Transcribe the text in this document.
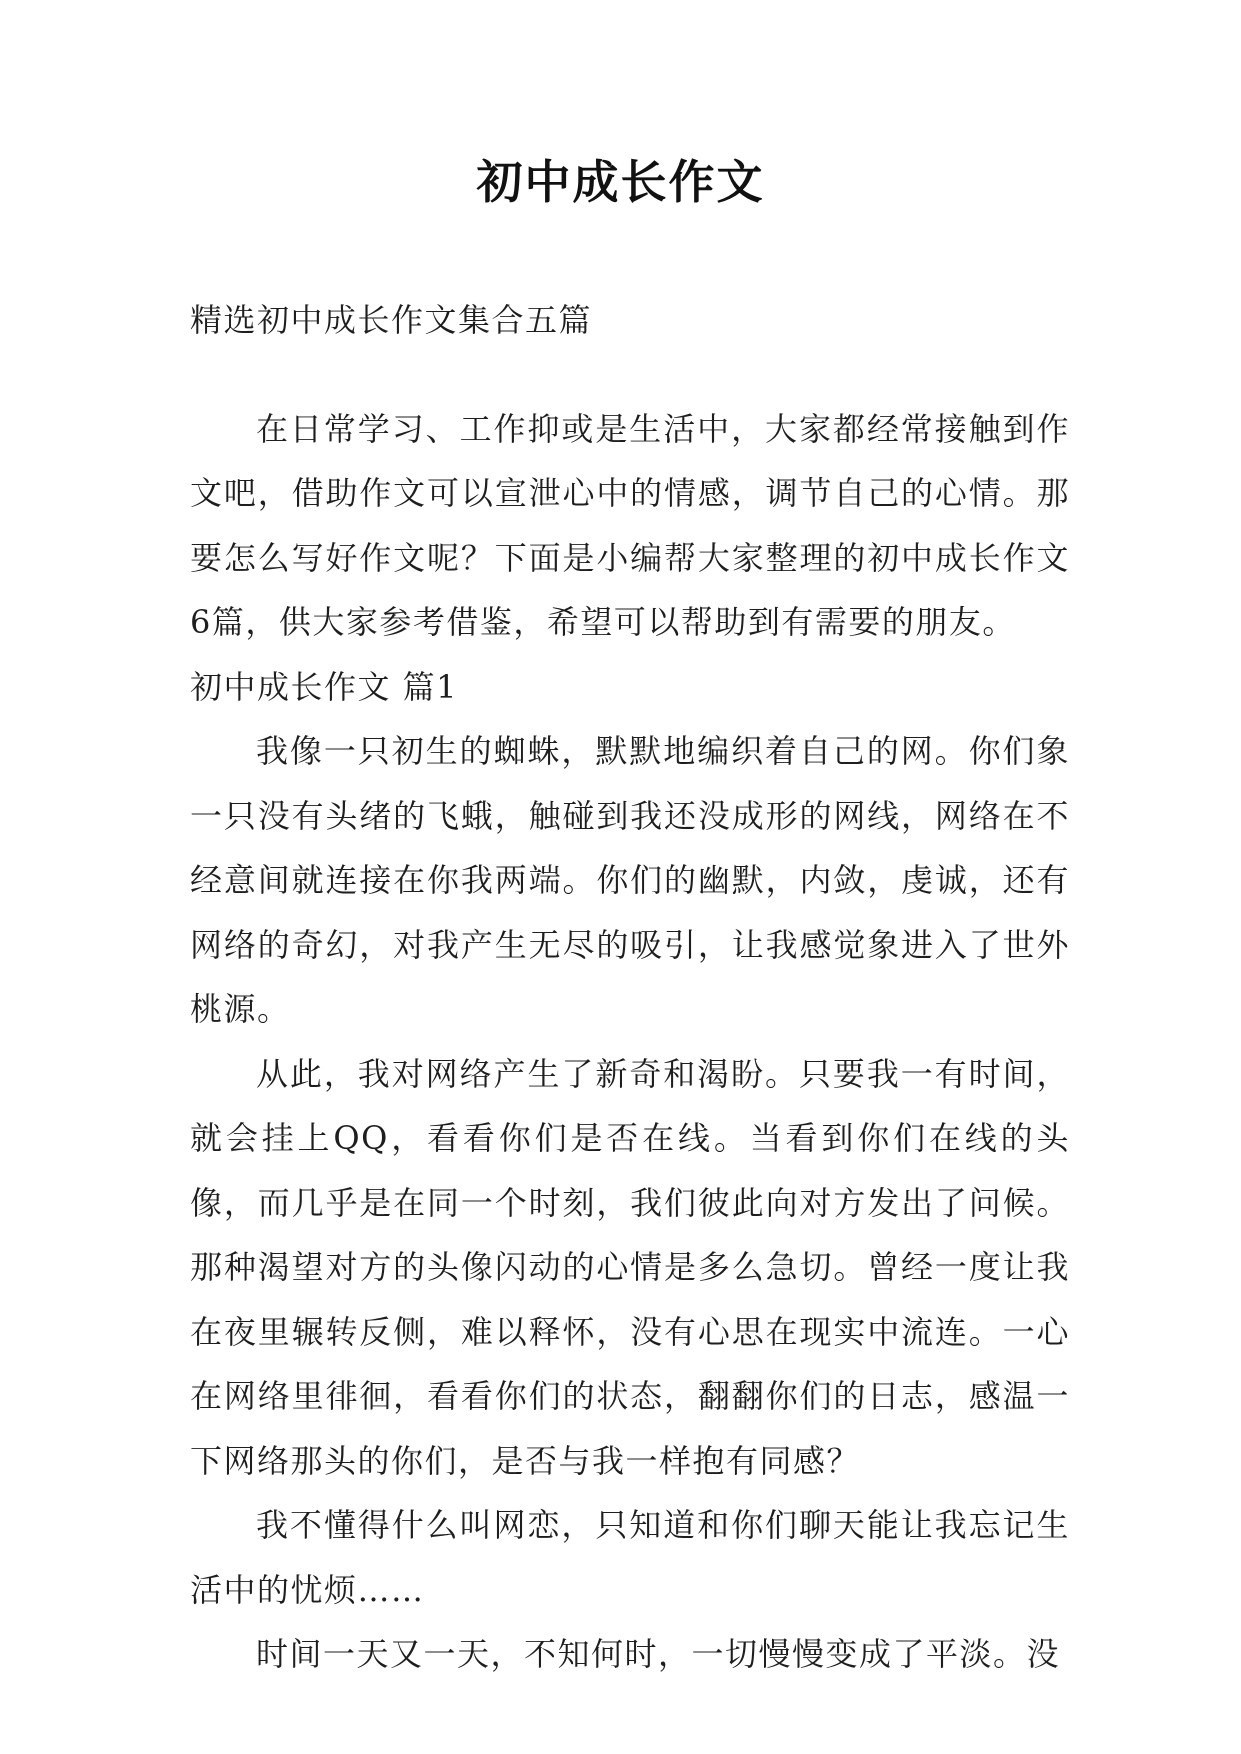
初中成长作文

精选初中成长作文集合五篇

在日常学习、工作抑或是生活中，大家都经常接触到作文吧，借助作文可以宣泄心中的情感，调节自己的心情。那要怎么写好作文呢？下面是小编帮大家整理的初中成长作文6篇，供大家参考借鉴，希望可以帮助到有需要的朋友。

初中成长作文 篇1

我像一只初生的蜘蛛，默默地编织着自己的网。你们象一只没有头绪的飞蛾，触碰到我还没成形的网线，网络在不经意间就连接在你我两端。你们的幽默，内敛，虔诚，还有网络的奇幻，对我产生无尽的吸引，让我感觉象进入了世外桃源。

从此，我对网络产生了新奇和渴盼。只要我一有时间，就会挂上QQ，看看你们是否在线。当看到你们在线的头像，而几乎是在同一个时刻，我们彼此向对方发出了问候。那种渴望对方的头像闪动的心情是多么急切。曾经一度让我在夜里辗转反侧，难以释怀，没有心思在现实中流连。一心在网络里徘徊，看看你们的状态，翻翻你们的日志，感温一下网络那头的你们，是否与我一样抱有同感？

我不懂得什么叫网恋，只知道和你们聊天能让我忘记生活中的忧烦……

时间一天又一天，不知何时，一切慢慢变成了平淡。没
